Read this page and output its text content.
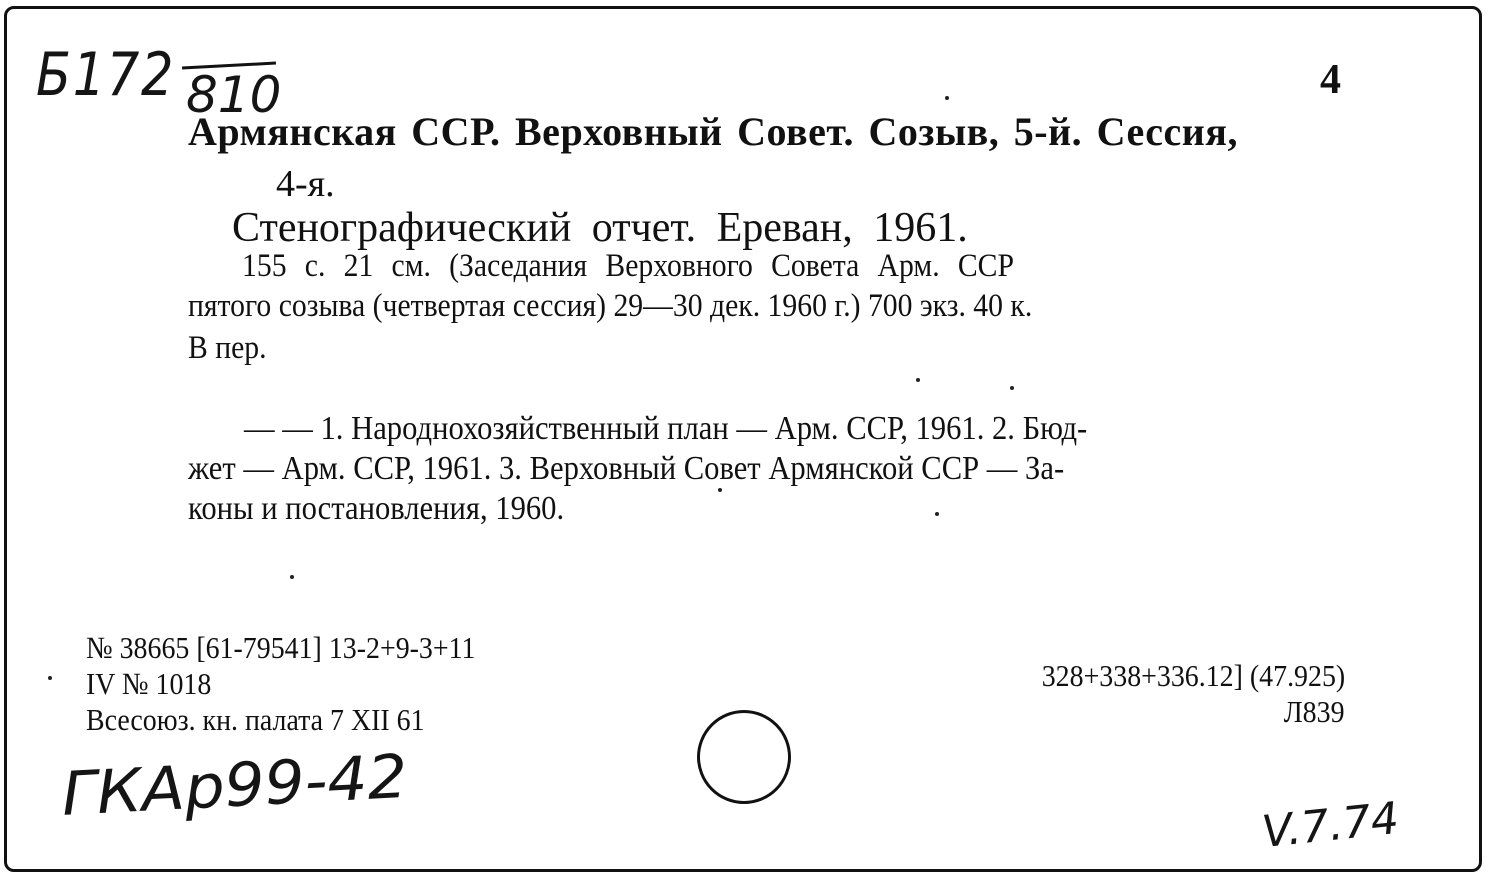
Б172 810	4
Армянская ССР. Верховный Совет. Созыв, 5-й. Сессия,
4-я.
Стенографический отчет. Ереван, 1961.
155 с. 21 см. (Заседания Верховного Совета Арм. ССР
пятого созыва (четвертая сессия) 29—30 дек. 1960 г.) 700 экз. 40 к.
В пер.
— — 1. Народнохозяйственный план — Арм. ССР, 1961. 2. Бюд-
жет — Арм. ССР, 1961. 3. Верховный Совет Армянской ССР — За-
коны и постановления, 1960.
№ 38665 [61-79541] 13-2+9-3+11
IV № 1018
Всесоюз. кн. палата 7 XII 61
328+338+336.12] (47.925)
Л839
ГКАр99-42	V.7.74
